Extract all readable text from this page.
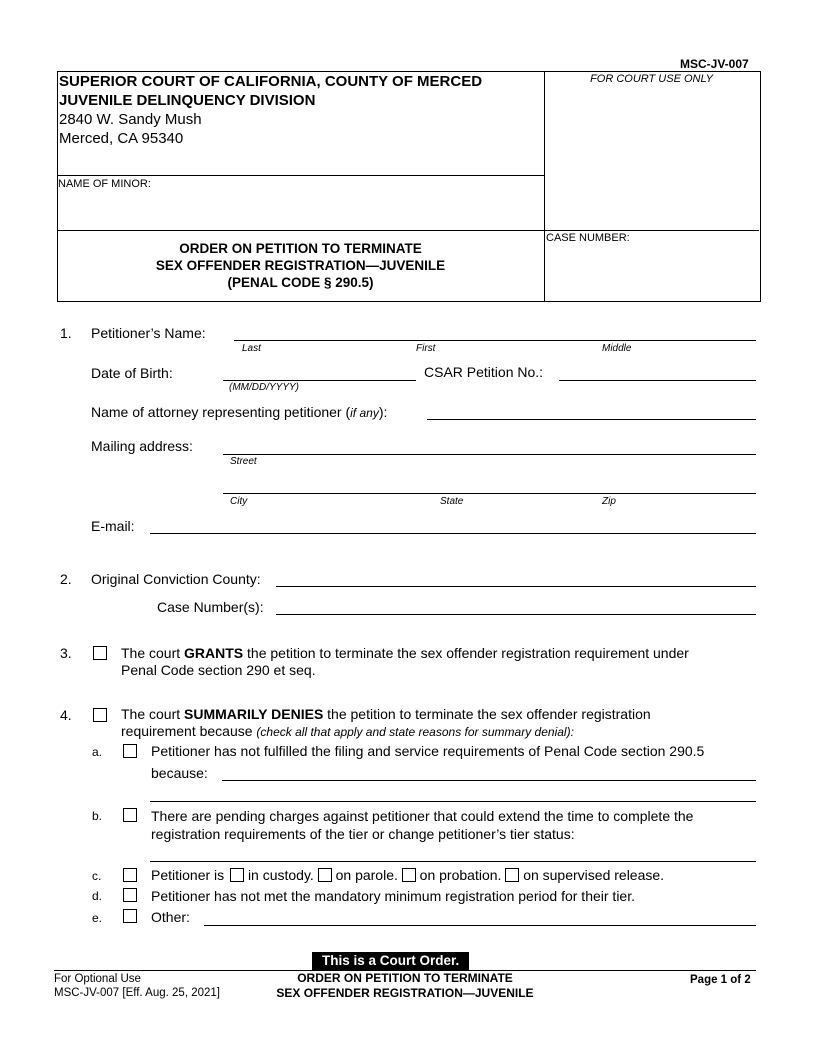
MSC-JV-007
SUPERIOR COURT OF CALIFORNIA, COUNTY OF MERCED
JUVENILE DELINQUENCY DIVISION
2840 W. Sandy Mush
Merced, CA 95340
FOR COURT USE ONLY
NAME OF MINOR:
CASE NUMBER:
ORDER ON PETITION TO TERMINATE
SEX OFFENDER REGISTRATION—JUVENILE
(PENAL CODE § 290.5)
1. Petitioner’s Name:
Last	First	Middle
Date of Birth:
(MM/DD/YYYY)
CSAR Petition No.:
Name of attorney representing petitioner (if any):
Mailing address:
Street
City	State	Zip
E-mail:
2. Original Conviction County:
Case Number(s):
3.	The court GRANTS the petition to terminate the sex offender registration requirement under
Penal Code section 290 et seq.
4.	The court SUMMARILY DENIES the petition to terminate the sex offender registration
requirement because (check all that apply and state reasons for summary denial):
a.	Petitioner has not fulfilled the filing and service requirements of Penal Code section 290.5
because:
b.	There are pending charges against petitioner that could extend the time to complete the
registration requirements of the tier or change petitioner’s tier status:
c.	Petitioner is in custody. on parole. on probation. on supervised release.
d.	Petitioner has not met the mandatory minimum registration period for their tier.
e.	Other:
This is a Court Order.
For Optional Use
MSC-JV-007 [Eff. Aug. 25, 2021]
ORDER ON PETITION TO TERMINATE
SEX OFFENDER REGISTRATION—JUVENILE
Page 1 of 2
